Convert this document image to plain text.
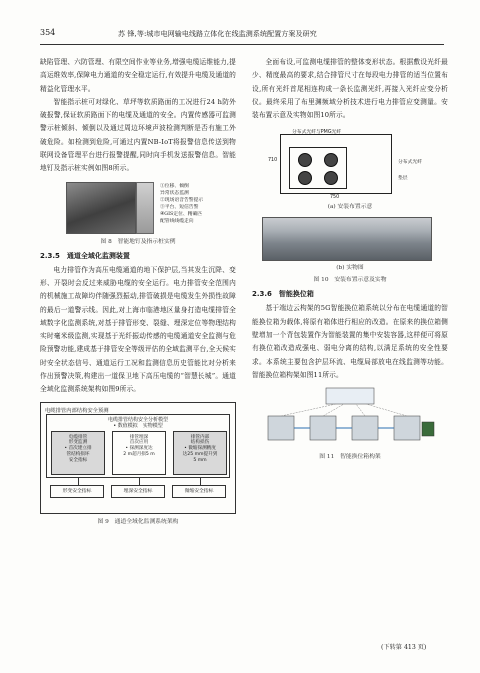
354	苏 锋,等:城市电网输电线路立体化在线监测系统配置方案及研究

缺陷管理、六防管理、有限空间作业等业务,增强电缆运维能力,提高运维效率,保障电力通道的安全稳定运行,有效提升电缆及通道的精益化管理水平。

智能指示桩可对绿化、草坪等软质路面的工况进行24 h防外破报警,保证软质路面下的电缆及通道的安全。内置传感器可监测警示桩倾斜、倾倒以及通过周边环境声波检测判断是否有施工外破危险。如检测到危险,可通过内置NB-IoT将报警信息传送到物联网设备管理平台进行报警提醒,同时向手机发送报警信息。智能地钉及指示桩实例如图8所示。

①位移、倾倒
异常状态监测
②现场语音告警提示
③平台、短信告警
④GIS定位、精确匹
配管线线缆走向
图 8　智能地钉及指示桩实例
2.3.5　通道全域化监测装置

电力排管作为高压电缆通道的地下保护层,当其发生沉降、变形、开裂时会反过来威胁电缆的安全运行。电力排管安全范围内的机械施工故障均伴随强烈振动,排管破损是电缆发生外损性故障的最后一道警示线。因此,对上海市临港地区量身打造电缆排管全域数字化监测系统,对基于排管形变、裂缝、埋深定位等物理结构实时毫米级监测,实现基于光纤振动传感的电缆通道安全监测与危险预警功能,建成基于排管安全等级评估的全域监测平台,全天候实时安全状态信号、通道运行工况和监测信息历史管能比对分析来作出预警决策,构建出一道保卫地下高压电缆的“智慧长城”。通道全域化监测系统架构如图9所示。

电缆排管内部结构安全预测
电缆排管结构安全分析模型
• 数值模拟　实物模型
电缆排管
形变监测
• 首次建立排
管结构损坏
安全指标
排管埋深
首次应用
• 探测深度达
2 m超月损5 m
排管内部
结构损伤
• 微缩探测精度
达25 mm提升到
5 mm
形变安全指标	埋深安全指标	微缩安全指标
图 9　通道全域化监测系统架构

全面布设,可监测电缆排管的整体变形状态。根据敷设光纤最少、精度最高的要求,结合排管尺寸在每段电力排管的适当位置布设,所有光纤首尾相连构成一条长监测光纤,再接入光纤应变分析仪。最终采用了布里渊频域分析技术进行电力排管应变测量。安装布置示意及实物如图10所示。

分布式光纤与PMG光纤
分布式光纤
垫层
710
750
(a) 安装布置示意
(b) 实物图
图 10　安装布置示意及实物
2.3.6　智能换位箱

基于端边云构架的5G智能换位箱系统以分布在电缆通道的智能换位箱为载体,将原有箱体进行相应的改造。在原来的换位箱侧壁增加一个背包装置作为智能装置的集中安装容器,这样便可将原有换位箱改造成强电、弱电分离的结构,以满足系统的安全性要求。本系统主要包含护层环流、电缆局部放电在线监测等功能。智能换位箱构架如图11所示。

图 11　智能换位箱构架
(下转第 413 页)
